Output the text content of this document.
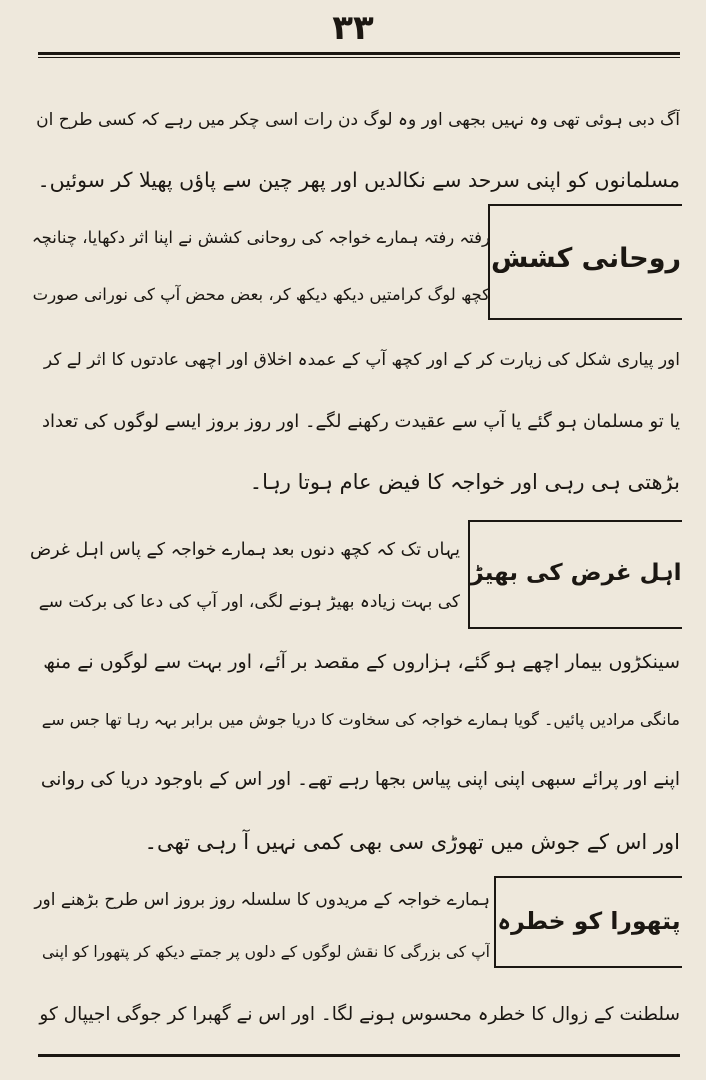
۳۳
آگ دبی ہوئی تھی وہ نہیں بجھی اور وہ لوگ دن رات اسی چکر میں رہے کہ کسی طرح ان
مسلمانوں کو اپنی سرحد سے نکالدیں اور پھر چین سے پاؤں پھیلا کر سوئیں۔
روحانی کشش
رفتہ رفتہ ہمارے خواجہ کی روحانی کشش نے اپنا اثر دکھایا، چنانچہ
کچھ لوگ کرامتیں دیکھ دیکھ کر، بعض محض آپ کی نورانی صورت
اور پیاری شکل کی زیارت کر کے اور کچھ آپ کے عمدہ اخلاق اور اچھی عادتوں کا اثر لے کر
یا تو مسلمان ہو گئے یا آپ سے عقیدت رکھنے لگے۔ اور روز بروز ایسے لوگوں کی تعداد
بڑھتی ہی رہی اور خواجہ کا فیض عام ہوتا رہا۔
اہل غرض کی بھیڑ
یہاں تک کہ کچھ دنوں بعد ہمارے خواجہ کے پاس اہل غرض
کی بہت زیادہ بھیڑ ہونے لگی، اور آپ کی دعا کی برکت سے
سینکڑوں بیمار اچھے ہو گئے، ہزاروں کے مقصد بر آئے، اور بہت سے لوگوں نے منھ
مانگی مرادیں پائیں۔ گویا ہمارے خواجہ کی سخاوت کا دریا جوش میں برابر بہہ رہا تھا جس سے
اپنے اور پرائے سبھی اپنی اپنی پیاس بجھا رہے تھے۔ اور اس کے باوجود دریا کی روانی
اور اس کے جوش میں تھوڑی سی بھی کمی نہیں آ رہی تھی۔
پتھورا کو خطرہ
ہمارے خواجہ کے مریدوں کا سلسلہ روز بروز اس طرح بڑھنے اور
آپ کی بزرگی کا نقش لوگوں کے دلوں پر جمتے دیکھ کر پتھورا کو اپنی
سلطنت کے زوال کا خطرہ محسوس ہونے لگا۔ اور اس نے گھبرا کر جوگی اجیپال کو
